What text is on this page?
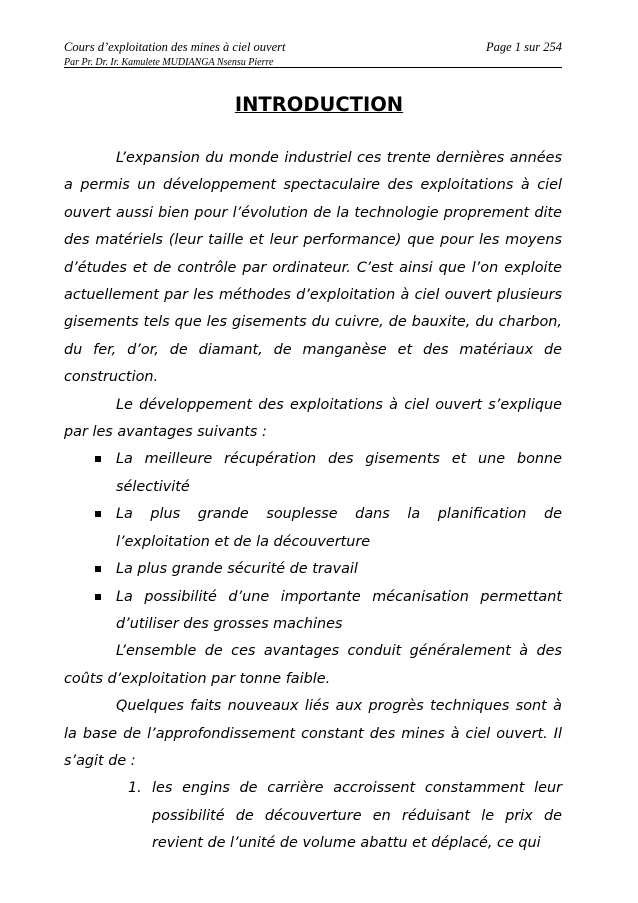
Cours d’exploitation des mines à ciel ouvert	Page 1 sur 254
Par Pr. Dr. Ir. Kamulete MUDIANGA Nsensu Pierre
INTRODUCTION

L’expansion du monde industriel ces trente dernières années a permis un développement spectaculaire des exploitations à ciel ouvert aussi bien pour l’évolution de la technologie proprement dite des matériels (leur taille et leur performance) que pour les moyens d’études et de contrôle par ordinateur. C’est ainsi que l’on exploite actuellement par les méthodes d’exploitation à ciel ouvert plusieurs gisements tels que les gisements du cuivre, de bauxite, du charbon, du fer, d’or, de diamant, de manganèse et des matériaux de construction.

Le développement des exploitations à ciel ouvert s’explique par les avantages suivants :

La meilleure récupération des gisements et une bonne sélectivité
La plus grande souplesse dans la planification de l’exploitation et de la découverture
La plus grande sécurité de travail
La possibilité d’une importante mécanisation permettant d’utiliser des grosses machines

L’ensemble de ces avantages conduit généralement à des coûts d’exploitation par tonne faible.

Quelques faits nouveaux liés aux progrès techniques sont à la base de l’approfondissement constant des mines à ciel ouvert. Il s’agit de :

1. les engins de carrière accroissent constamment leur possibilité de découverture en réduisant le prix de revient de l’unité de volume abattu et déplacé, ce qui
